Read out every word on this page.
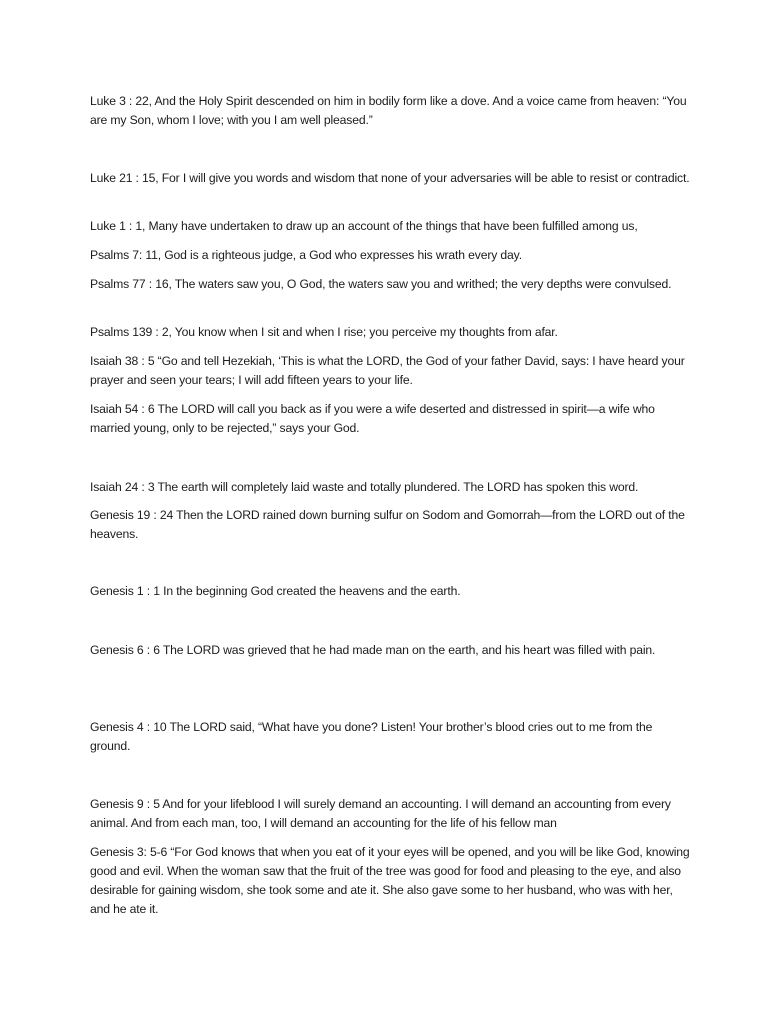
Luke 3 : 22, And the Holy Spirit descended on him in bodily form like a dove. And a voice came from heaven: “You are my Son, whom I love; with you I am well pleased.”

Luke 21 : 15, For I will give you words and wisdom that none of your adversaries will be able to resist or contradict.

Luke 1 : 1, Many have undertaken to draw up an account of the things that have been fulfilled among us,

Psalms 7: 11, God is a righteous judge, a God who expresses his wrath every day.

Psalms 77 : 16, The waters saw you, O God, the waters saw you and writhed; the very depths were convulsed.

Psalms 139 : 2, You know when I sit and when I rise; you perceive my thoughts from afar.

Isaiah 38 : 5 “Go and tell Hezekiah, ‘This is what the LORD, the God of your father David, says: I have heard your prayer and seen your tears; I will add fifteen years to your life.

Isaiah 54 : 6 The LORD will call you back as if you were a wife deserted and distressed in spirit—a wife who married young, only to be rejected,” says your God.

Isaiah 24 : 3 The earth will completely laid waste and totally plundered. The LORD has spoken this word.

Genesis 19 : 24 Then the LORD rained down burning sulfur on Sodom and Gomorrah—from the LORD out of the heavens.

Genesis 1 : 1 In the beginning God created the heavens and the earth.

Genesis 6 : 6 The LORD was grieved that he had made man on the earth, and his heart was filled with pain.

Genesis 4 : 10 The LORD said, “What have you done? Listen! Your brother’s blood cries out to me from the ground.

Genesis 9 : 5 And for your lifeblood I will surely demand an accounting. I will demand an accounting from every animal. And from each man, too, I will demand an accounting for the life of his fellow man

Genesis 3: 5-6 “For God knows that when you eat of it your eyes will be opened, and you will be like God, knowing good and evil. When the woman saw that the fruit of the tree was good for food and pleasing to the eye, and also desirable for gaining wisdom, she took some and ate it. She also gave some to her husband, who was with her, and he ate it.
